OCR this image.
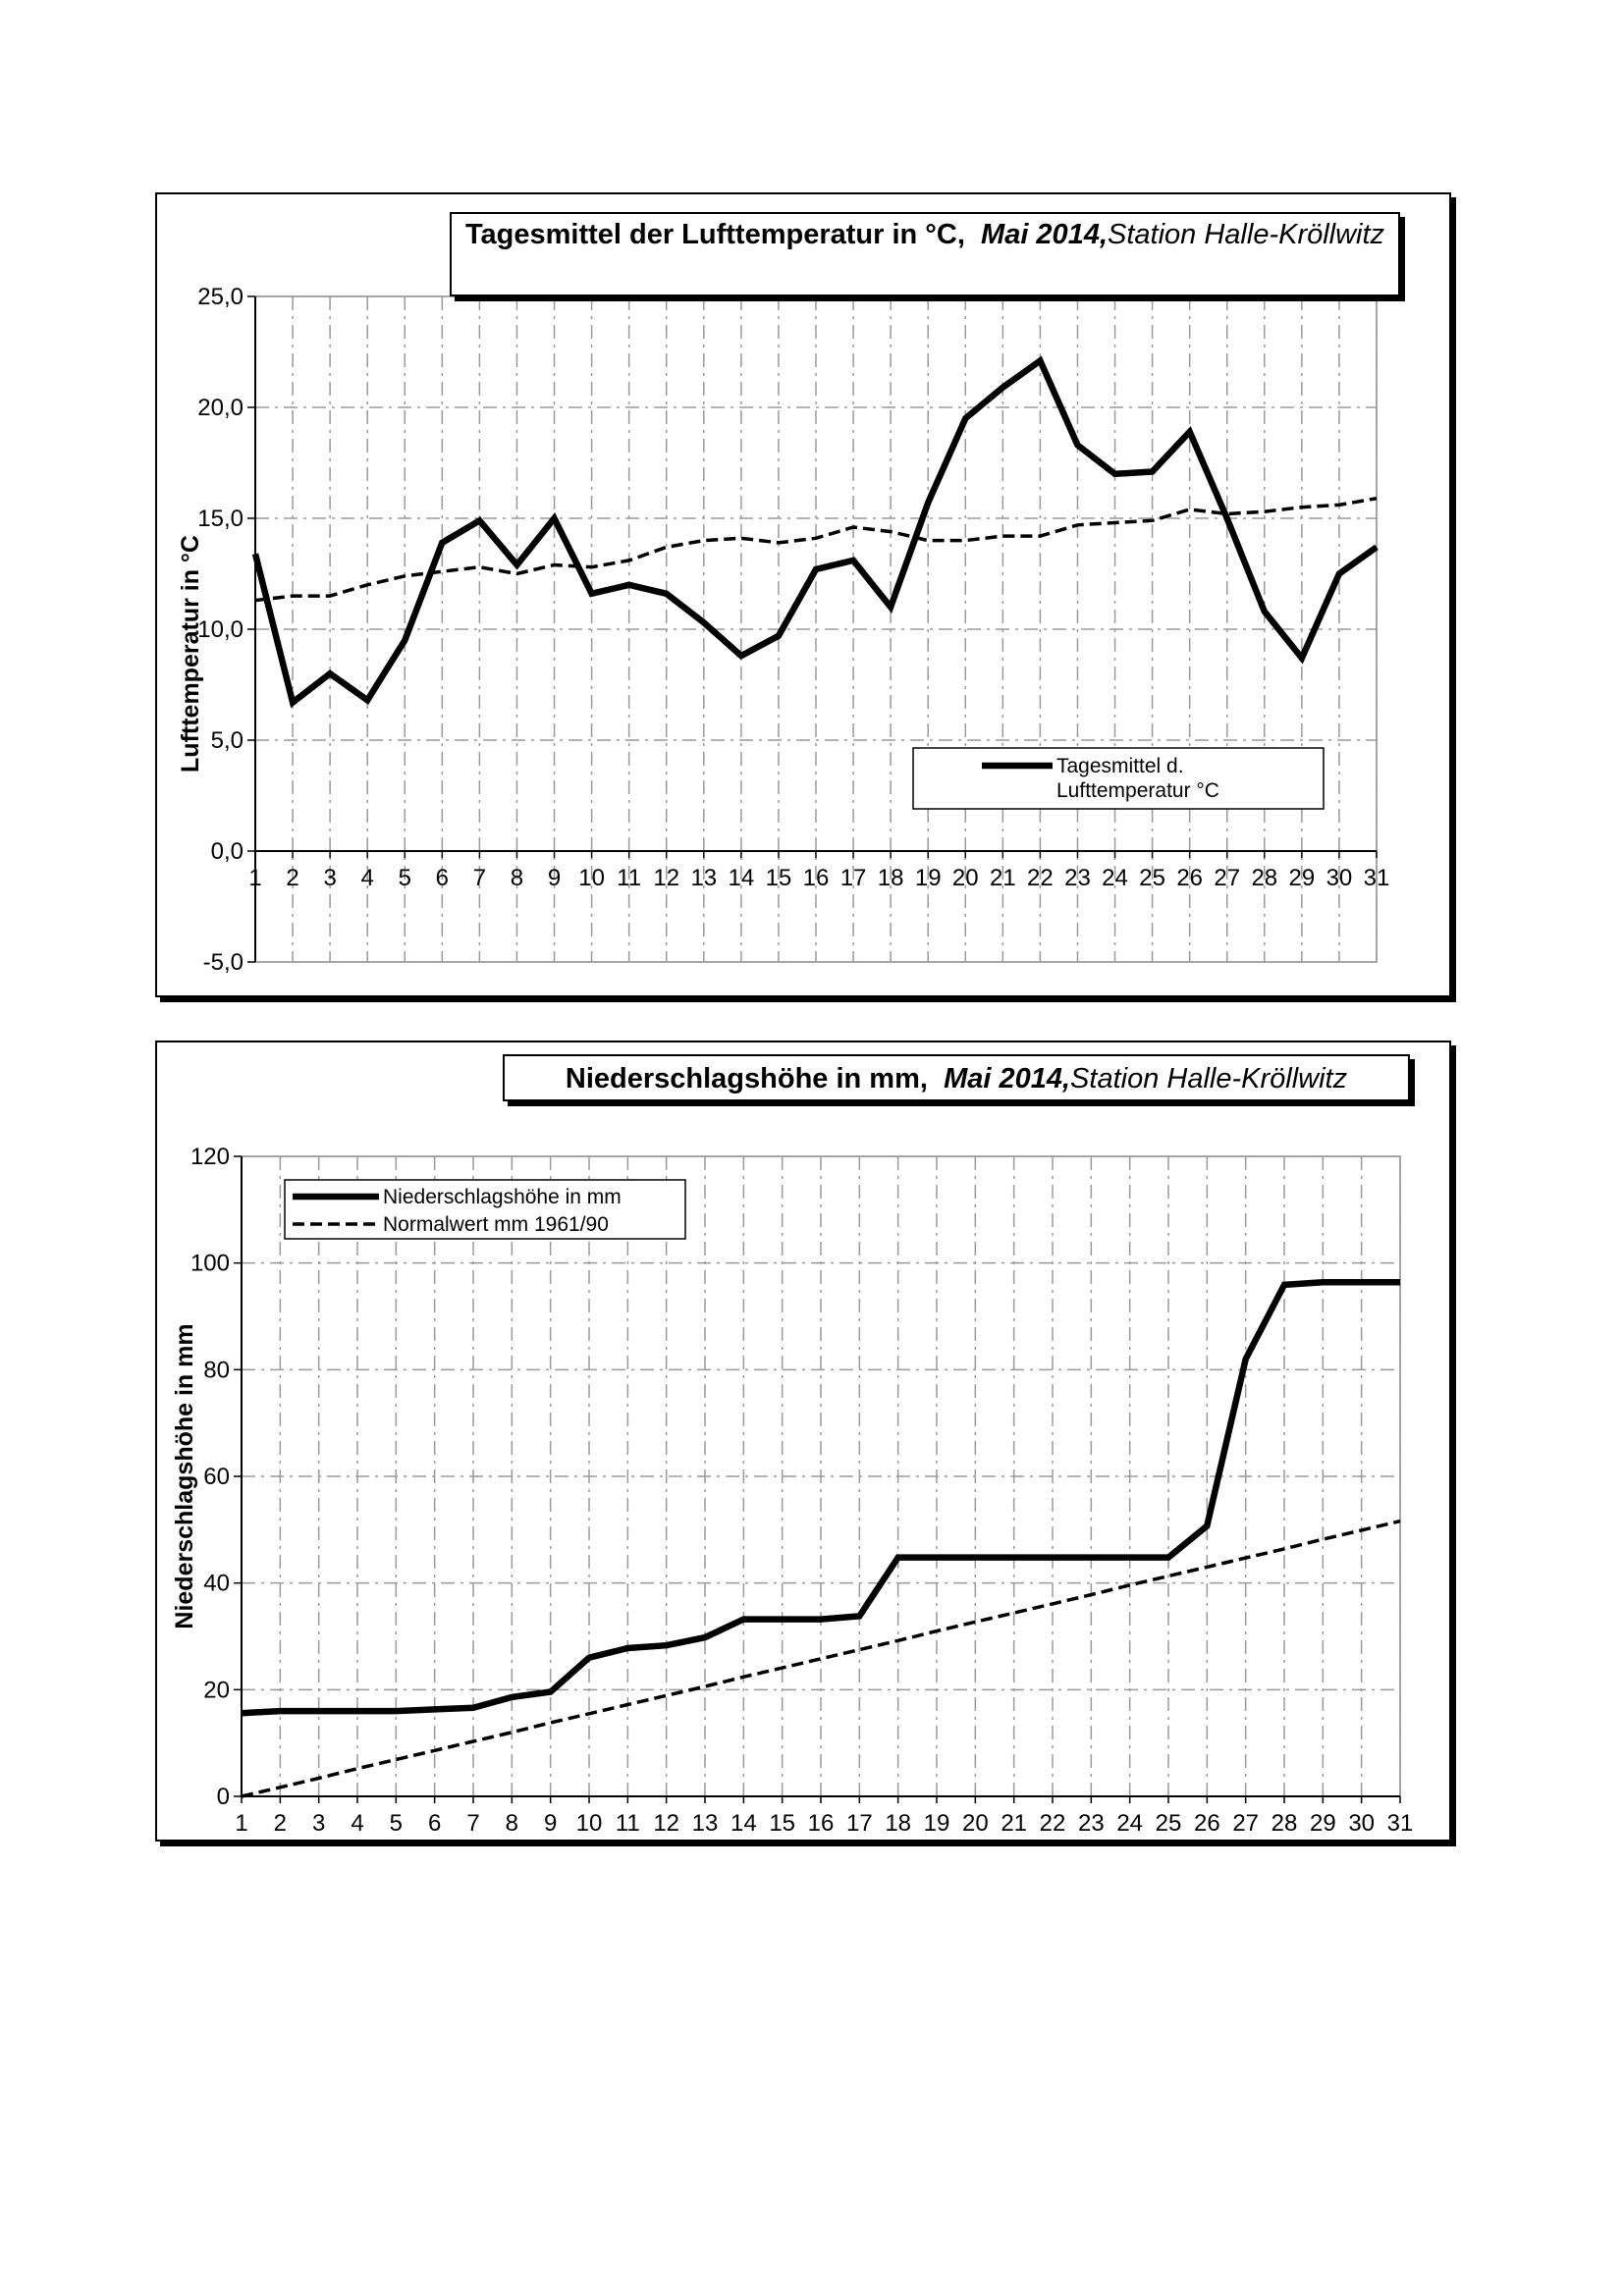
-5,0
0,0
5,0
10,0
15,0
20,0
25,0
1 2 3 4 5 6 7 8 9 10 11 12 13 14 15 16 17 18 19 20 21 22 23 24 25 26 27 28 29 30 31
Lufttemperatur in °C	Tagesmittel d.
Lufttemperatur °C
Tagesmittel der Lufttemperatur in °C, Mai 2014,Station Halle-Kröllwitz
0
20
40
60
80
100
120
1 2 3 4 5 6 7 8 9 10 11 12 13 14 15 16 17 18 19 20 21 22 23 24 25 26 27 28 29 30 31
Niederschlagshöhe in mm
Niederschlagshöhe in mm
Normalwert mm 1961/90
Niederschlagshöhe in mm, Mai 2014,Station Halle-Kröllwitz
